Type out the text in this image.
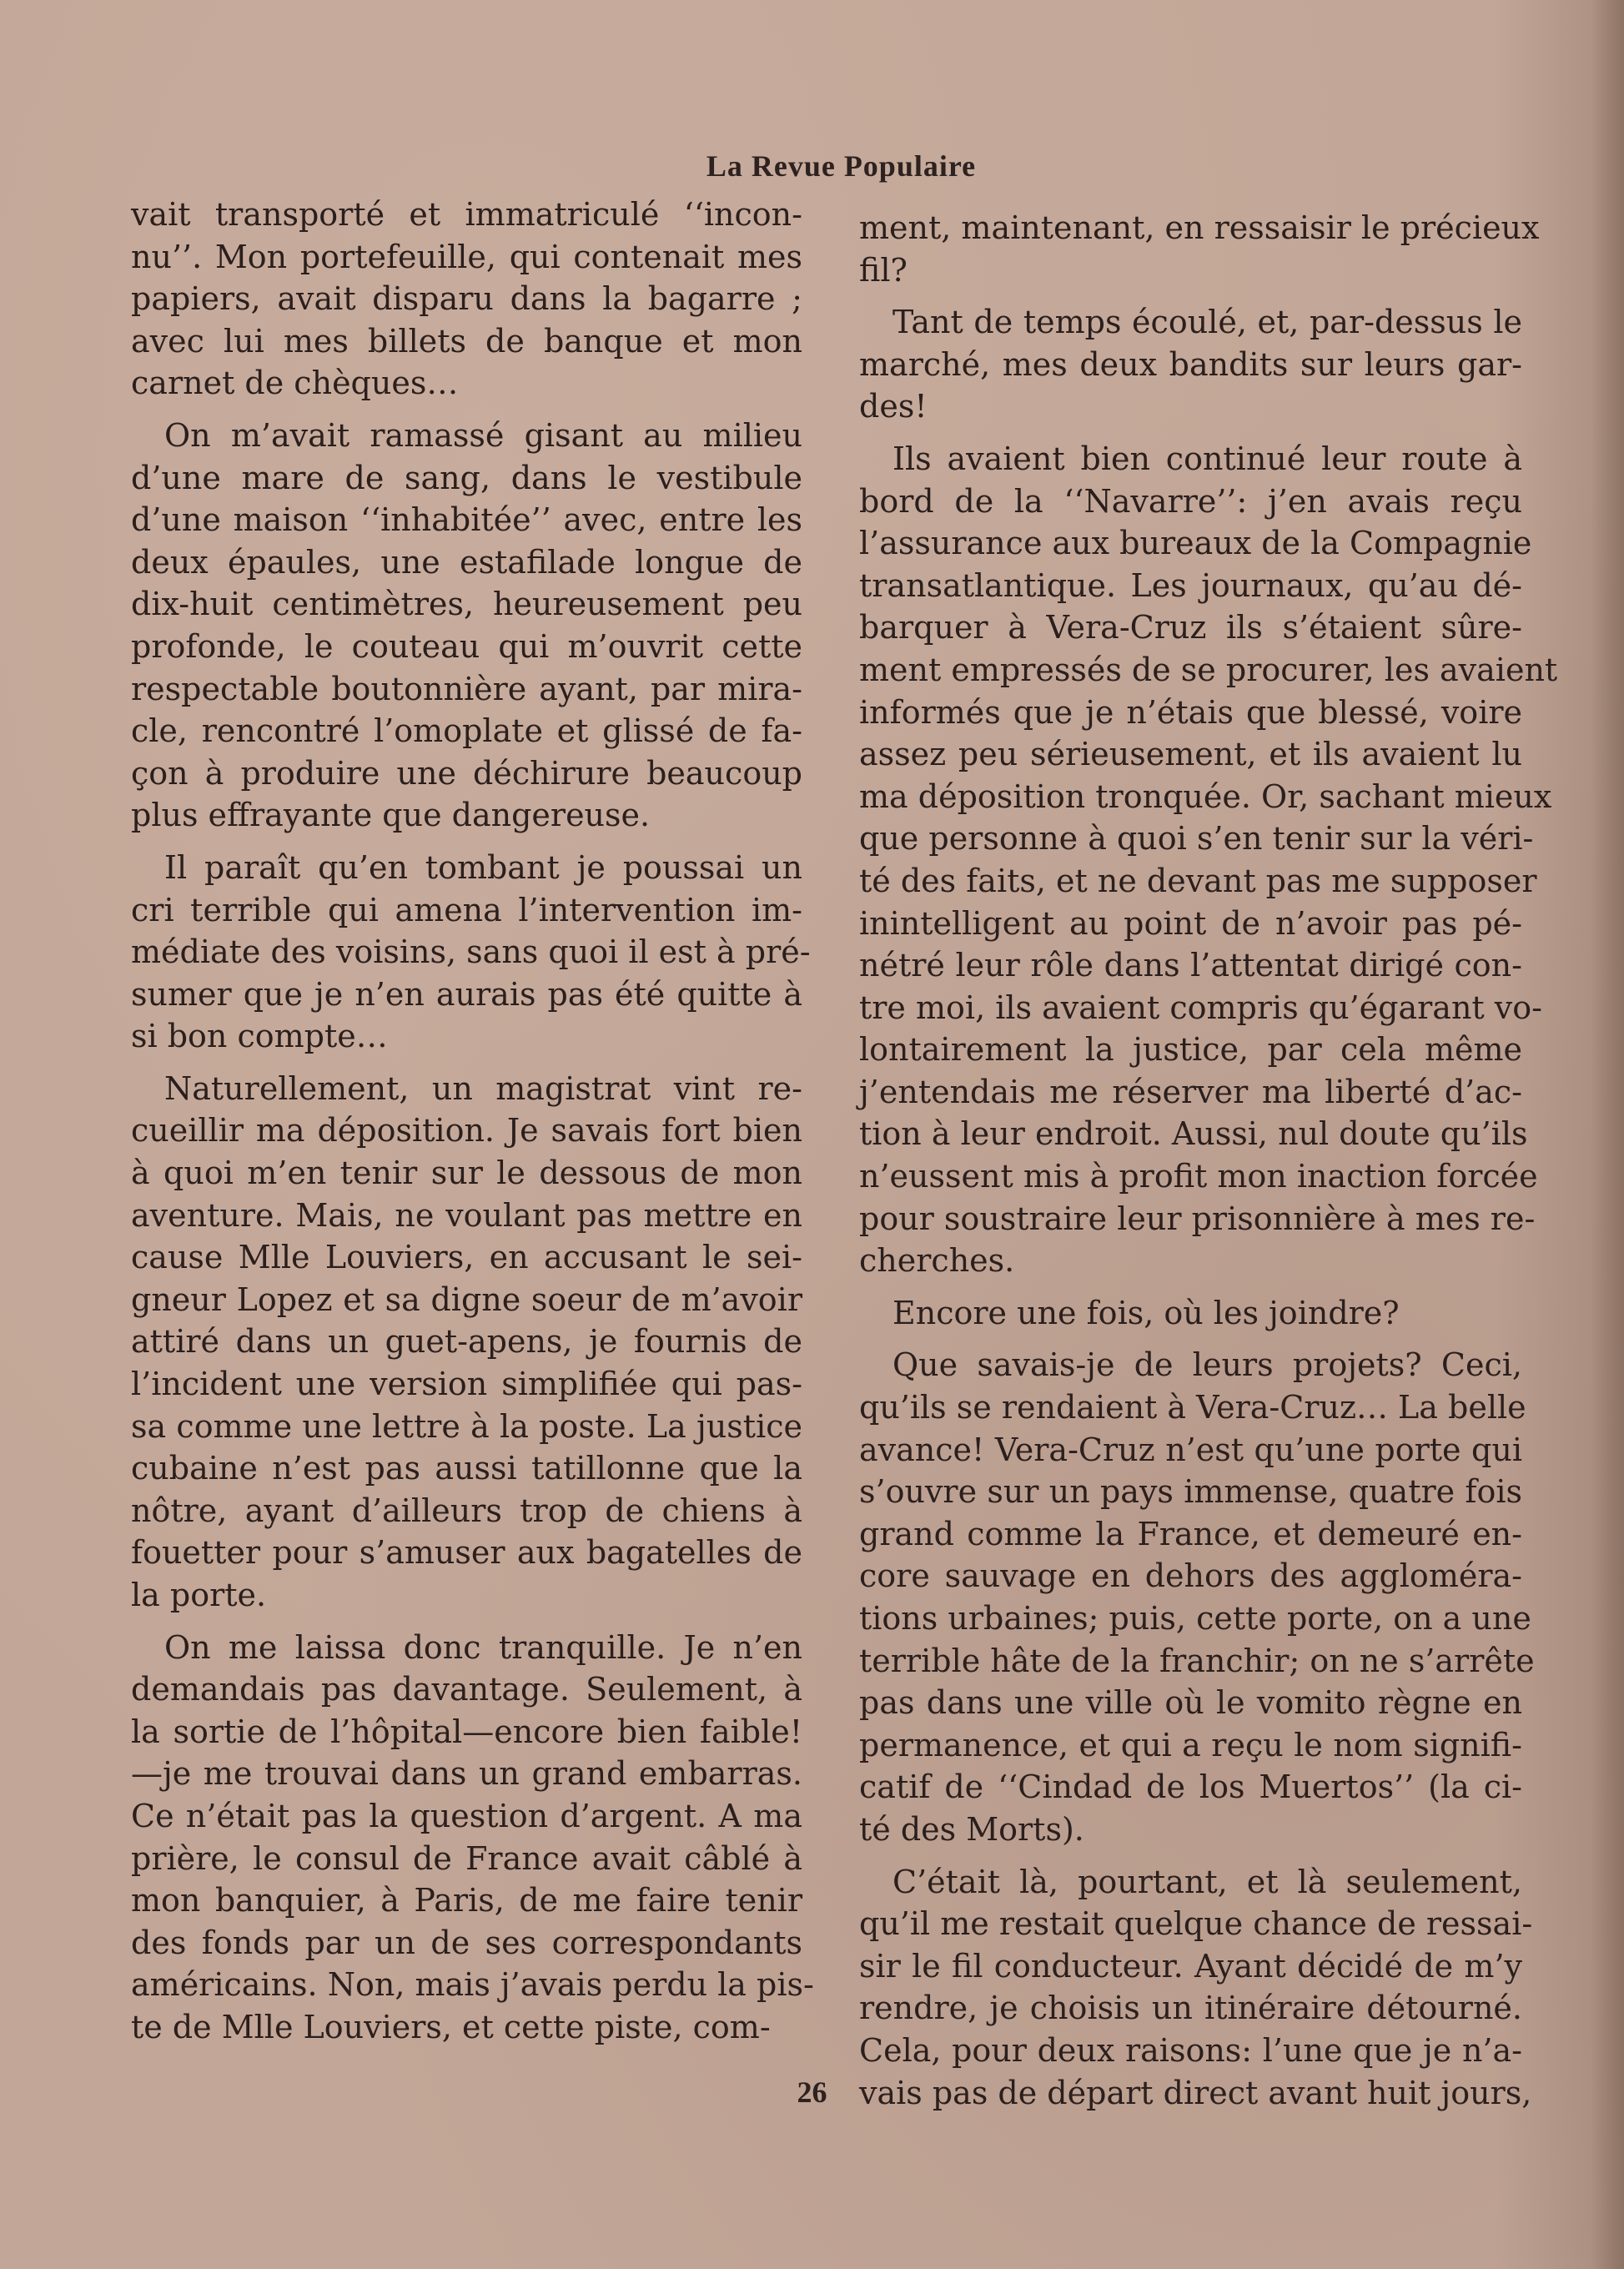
La Revue Populaire

vait transporté et immatriculé ‘‘incon-
nu’’. Mon portefeuille, qui contenait mes
papiers, avait disparu dans la bagarre ;
avec lui mes billets de banque et mon
carnet de chèques…

On m’avait ramassé gisant au milieu
d’une mare de sang, dans le vestibule
d’une maison ‘‘inhabitée’’ avec, entre les
deux épaules, une estafilade longue de
dix-huit centimètres, heureusement peu
profonde, le couteau qui m’ouvrit cette
respectable boutonnière ayant, par mira-
cle, rencontré l’omoplate et glissé de fa-
çon à produire une déchirure beaucoup
plus effrayante que dangereuse.

Il paraît qu’en tombant je poussai un
cri terrible qui amena l’intervention im-
médiate des voisins, sans quoi il est à pré-
sumer que je n’en aurais pas été quitte à
si bon compte…

Naturellement, un magistrat vint re-
cueillir ma déposition. Je savais fort bien
à quoi m’en tenir sur le dessous de mon
aventure. Mais, ne voulant pas mettre en
cause Mlle Louviers, en accusant le sei-
gneur Lopez et sa digne soeur de m’avoir
attiré dans un guet-apens, je fournis de
l’incident une version simplifiée qui pas-
sa comme une lettre à la poste. La justice
cubaine n’est pas aussi tatillonne que la
nôtre, ayant d’ailleurs trop de chiens à
fouetter pour s’amuser aux bagatelles de
la porte.

On me laissa donc tranquille. Je n’en
demandais pas davantage. Seulement, à
la sortie de l’hôpital—encore bien faible!
—je me trouvai dans un grand embarras.
Ce n’était pas la question d’argent. A ma
prière, le consul de France avait câblé à
mon banquier, à Paris, de me faire tenir
des fonds par un de ses correspondants
américains. Non, mais j’avais perdu la pis-
te de Mlle Louviers, et cette piste, com-

ment, maintenant, en ressaisir le précieux
fil?

Tant de temps écoulé, et, par-dessus le
marché, mes deux bandits sur leurs gar-
des!

Ils avaient bien continué leur route à
bord de la ‘‘Navarre’’: j’en avais reçu
l’assurance aux bureaux de la Compagnie
transatlantique. Les journaux, qu’au dé-
barquer à Vera-Cruz ils s’étaient sûre-
ment empressés de se procurer, les avaient
informés que je n’étais que blessé, voire
assez peu sérieusement, et ils avaient lu
ma déposition tronquée. Or, sachant mieux
que personne à quoi s’en tenir sur la véri-
té des faits, et ne devant pas me supposer
inintelligent au point de n’avoir pas pé-
nétré leur rôle dans l’attentat dirigé con-
tre moi, ils avaient compris qu’égarant vo-
lontairement la justice, par cela même
j’entendais me réserver ma liberté d’ac-
tion à leur endroit. Aussi, nul doute qu’ils
n’eussent mis à profit mon inaction forcée
pour soustraire leur prisonnière à mes re-
cherches.

Encore une fois, où les joindre?

Que savais-je de leurs projets? Ceci,
qu’ils se rendaient à Vera-Cruz… La belle
avance! Vera-Cruz n’est qu’une porte qui
s’ouvre sur un pays immense, quatre fois
grand comme la France, et demeuré en-
core sauvage en dehors des aggloméra-
tions urbaines; puis, cette porte, on a une
terrible hâte de la franchir; on ne s’arrête
pas dans une ville où le vomito règne en
permanence, et qui a reçu le nom signifi-
catif de ‘‘Cindad de los Muertos’’ (la ci-
té des Morts).

C’était là, pourtant, et là seulement,
qu’il me restait quelque chance de ressai-
sir le fil conducteur. Ayant décidé de m’y
rendre, je choisis un itinéraire détourné.
Cela, pour deux raisons: l’une que je n’a-
vais pas de départ direct avant huit jours,

26
